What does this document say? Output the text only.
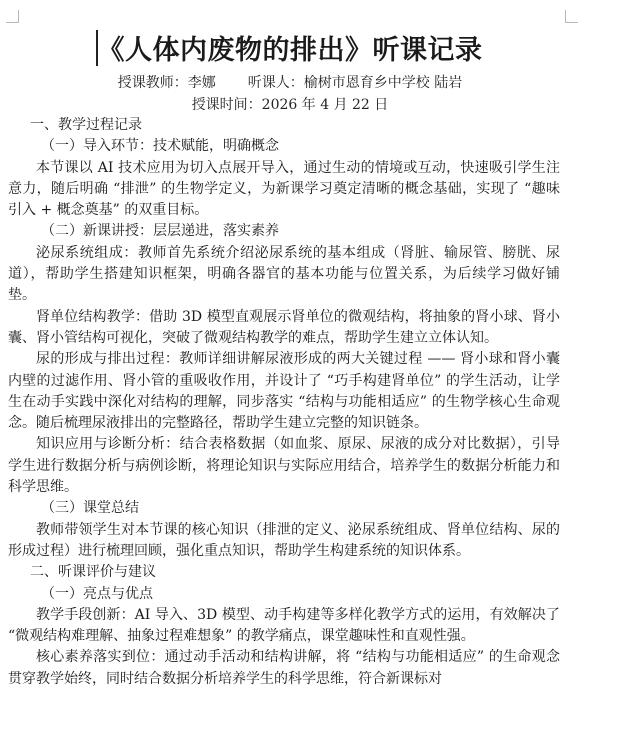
《人体内废物的排出》听课记录
授课教师：李娜 听课人：榆树市恩育乡中学校 陆岩
授课时间：2026 年 4 月 22 日

一、教学过程记录

（一）导入环节：技术赋能，明确概念

本节课以 AI 技术应用为切入点展开导入，通过生动的情境或互动，快速吸引学生注意力，随后明确 “排泄” 的生物学定义，为新课学习奠定清晰的概念基础，实现了 “趣味引入 + 概念奠基” 的双重目标。

（二）新课讲授：层层递进，落实素养

泌尿系统组成：教师首先系统介绍泌尿系统的基本组成（肾脏、输尿管、膀胱、尿道），帮助学生搭建知识框架，明确各器官的基本功能与位置关系，为后续学习做好铺垫。

肾单位结构教学：借助 3D 模型直观展示肾单位的微观结构，将抽象的肾小球、肾小囊、肾小管结构可视化，突破了微观结构教学的难点，帮助学生建立立体认知。

尿的形成与排出过程：教师详细讲解尿液形成的两大关键过程 —— 肾小球和肾小囊内壁的过滤作用、肾小管的重吸收作用，并设计了 “巧手构建肾单位” 的学生活动，让学生在动手实践中深化对结构的理解，同步落实 “结构与功能相适应” 的生物学核心生命观念。随后梳理尿液排出的完整路径，帮助学生建立完整的知识链条。

知识应用与诊断分析：结合表格数据（如血浆、原尿、尿液的成分对比数据），引导学生进行数据分析与病例诊断，将理论知识与实际应用结合，培养学生的数据分析能力和科学思维。

（三）课堂总结

教师带领学生对本节课的核心知识（排泄的定义、泌尿系统组成、肾单位结构、尿的形成过程）进行梳理回顾，强化重点知识，帮助学生构建系统的知识体系。

二、听课评价与建议

（一）亮点与优点

教学手段创新：AI 导入、3D 模型、动手构建等多样化教学方式的运用，有效解决了 “微观结构难理解、抽象过程难想象” 的教学痛点，课堂趣味性和直观性强。

核心素养落实到位：通过动手活动和结构讲解，将 “结构与功能相适应” 的生命观念贯穿教学始终，同时结合数据分析培养学生的科学思维，符合新课标对
